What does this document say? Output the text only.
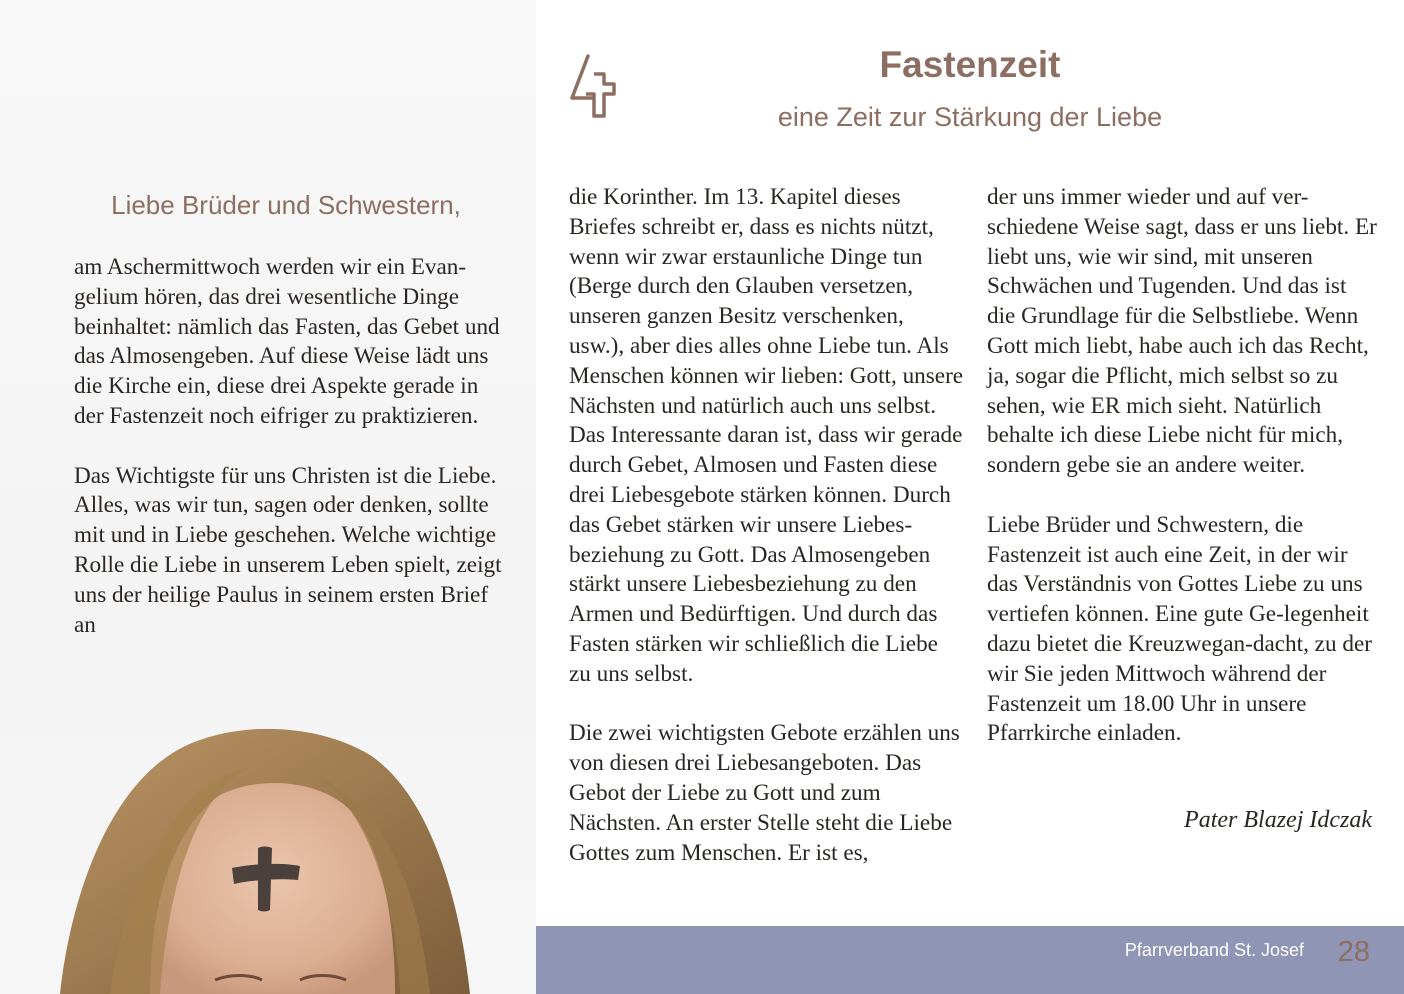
Liebe Brüder und Schwestern,

am Aschermittwoch werden wir ein Evan-gelium hören, das drei wesentliche Dinge beinhaltet: nämlich das Fasten, das Gebet und das Almosengeben. Auf diese Weise lädt uns die Kirche ein, diese drei Aspekte gerade in der Fastenzeit noch eifriger zu praktizieren.

Das Wichtigste für uns Christen ist die Liebe. Alles, was wir tun, sagen oder denken, sollte mit und in Liebe geschehen. Welche wichtige Rolle die Liebe in unserem Leben spielt, zeigt uns der heilige Paulus in seinem ersten Brief an

Fastenzeit
eine Zeit zur Stärkung der Liebe

die Korinther. Im 13. Kapitel dieses Briefes schreibt er, dass es nichts nützt, wenn wir zwar erstaunliche Dinge tun (Berge durch den Glauben versetzen, unseren ganzen Besitz verschenken, usw.), aber dies alles ohne Liebe tun. Als Menschen können wir lieben: Gott, unsere Nächsten und natürlich auch uns selbst. Das Interessante daran ist, dass wir gerade durch Gebet, Almosen und Fasten diese drei Liebesgebote stärken können. Durch das Gebet stärken wir unsere Liebes-beziehung zu Gott. Das Almosengeben stärkt unsere Liebesbeziehung zu den Armen und Bedürftigen. Und durch das Fasten stärken wir schließlich die Liebe zu uns selbst.

Die zwei wichtigsten Gebote erzählen uns von diesen drei Liebesangeboten. Das Gebot der Liebe zu Gott und zum Nächsten. An erster Stelle steht die Liebe Gottes zum Menschen. Er ist es,

der uns immer wieder und auf ver-schiedene Weise sagt, dass er uns liebt. Er liebt uns, wie wir sind, mit unseren Schwächen und Tugenden. Und das ist die Grundlage für die Selbstliebe. Wenn Gott mich liebt, habe auch ich das Recht, ja, sogar die Pflicht, mich selbst so zu sehen, wie ER mich sieht. Natürlich behalte ich diese Liebe nicht für mich, sondern gebe sie an andere weiter.

Liebe Brüder und Schwestern, die Fastenzeit ist auch eine Zeit, in der wir das Verständnis von Gottes Liebe zu uns vertiefen können. Eine gute Ge-legenheit dazu bietet die Kreuzwegan-dacht, zu der wir Sie jeden Mittwoch während der Fastenzeit um 18.00 Uhr in unsere Pfarrkirche einladen.

Pater Blazej Idczak
Pfarrverband St. Josef 28
